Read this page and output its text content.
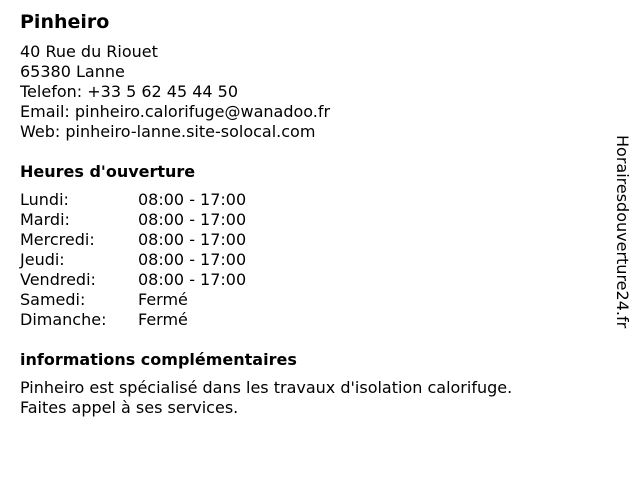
Pinheiro
40 Rue du Riouet
65380 Lanne
Telefon: +33 5 62 45 44 50
Email: pinheiro.calorifuge@wanadoo.fr
Web: pinheiro-lanne.site-solocal.com
Heures d'ouverture
Lundi:	08:00 - 17:00
Mardi:	08:00 - 17:00
Mercredi:	08:00 - 17:00
Jeudi:	08:00 - 17:00
Vendredi:	08:00 - 17:00
Samedi:	Fermé
Dimanche:	Fermé
informations complémentaires
Pinheiro est spécialisé dans les travaux d'isolation calorifuge.
Faites appel à ses services.
Horairesdouverture24.fr
